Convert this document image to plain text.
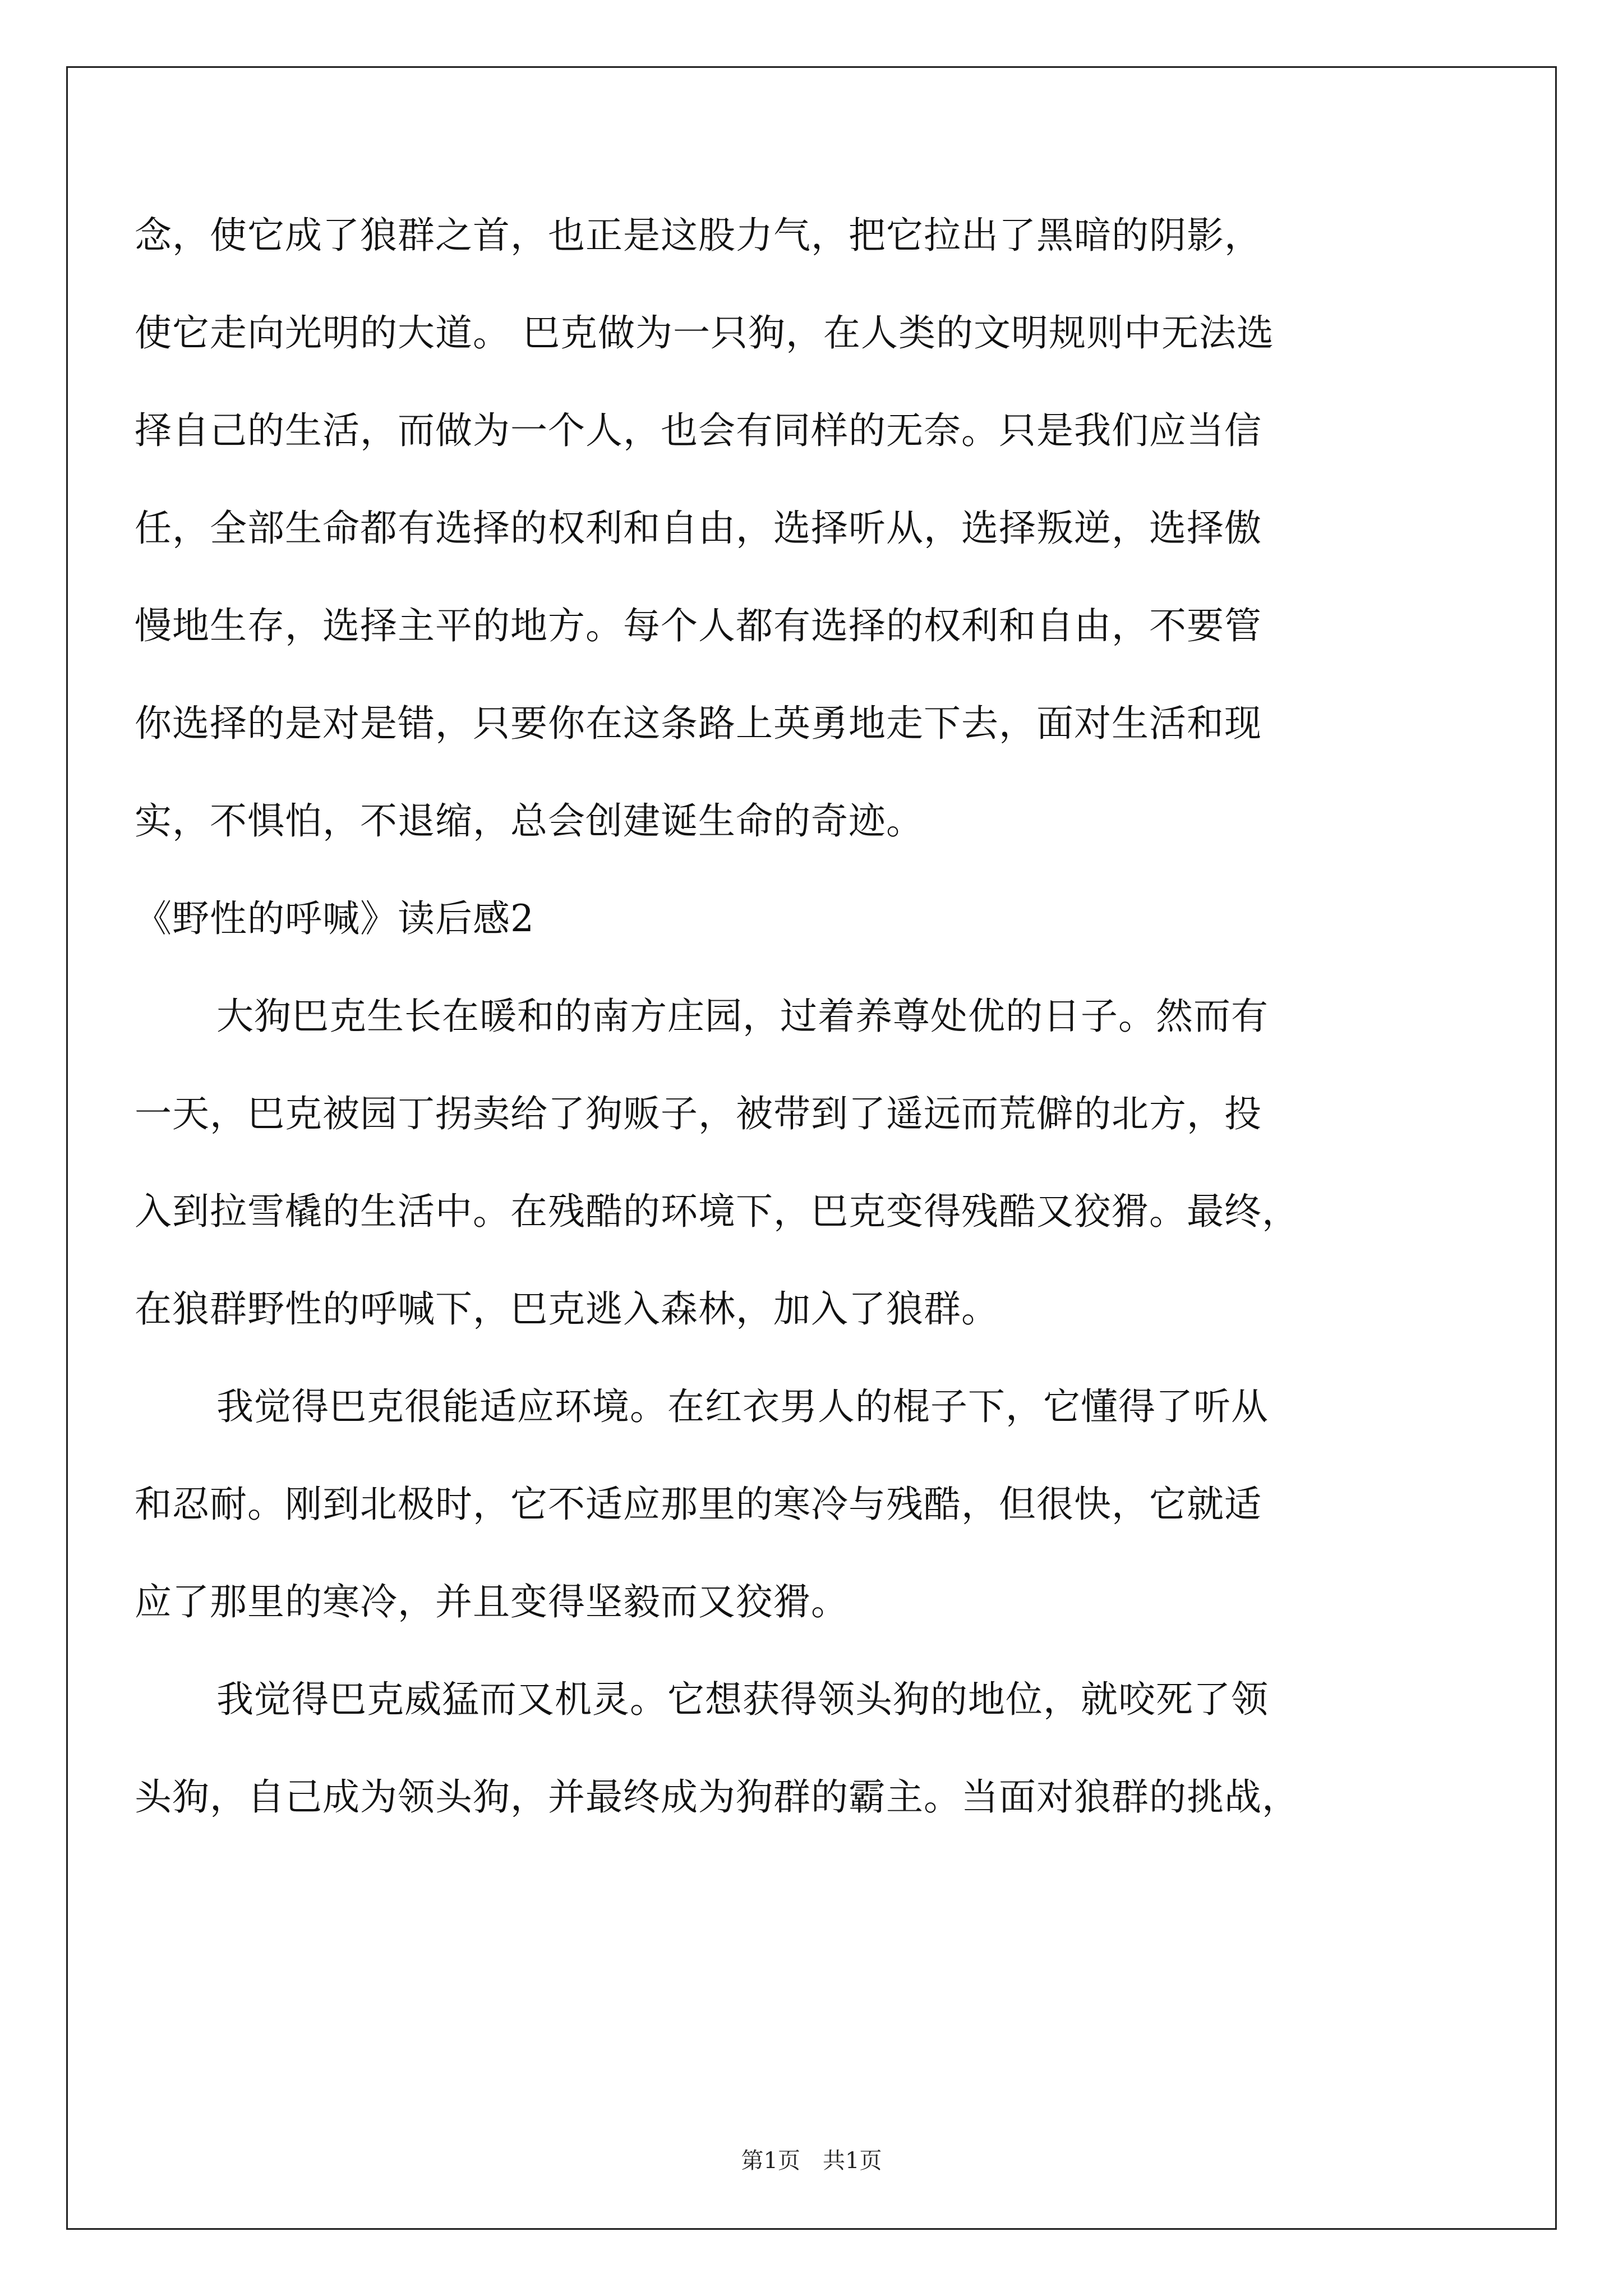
念，使它成了狼群之首，也正是这股力气，把它拉出了黑暗的阴影，
使它走向光明的大道。 巴克做为一只狗，在人类的文明规则中无法选
择自己的生活，而做为一个人，也会有同样的无奈。只是我们应当信
任，全部生命都有选择的权利和自由，选择听从，选择叛逆，选择傲
慢地生存，选择主平的地方。每个人都有选择的权利和自由，不要管
你选择的是对是错，只要你在这条路上英勇地走下去，面对生活和现
实，不惧怕，不退缩，总会创建诞生命的奇迹。
《野性的呼喊》读后感2
大狗巴克生长在暖和的南方庄园，过着养尊处优的日子。然而有
一天，巴克被园丁拐卖给了狗贩子，被带到了遥远而荒僻的北方，投
入到拉雪橇的生活中。在残酷的环境下，巴克变得残酷又狡猾。最终，
在狼群野性的呼喊下，巴克逃入森林，加入了狼群。
我觉得巴克很能适应环境。在红衣男人的棍子下，它懂得了听从
和忍耐。刚到北极时，它不适应那里的寒冷与残酷，但很快，它就适
应了那里的寒冷，并且变得坚毅而又狡猾。
我觉得巴克威猛而又机灵。它想获得领头狗的地位，就咬死了领
头狗，自己成为领头狗，并最终成为狗群的霸主。当面对狼群的挑战，
第1页　共1页
